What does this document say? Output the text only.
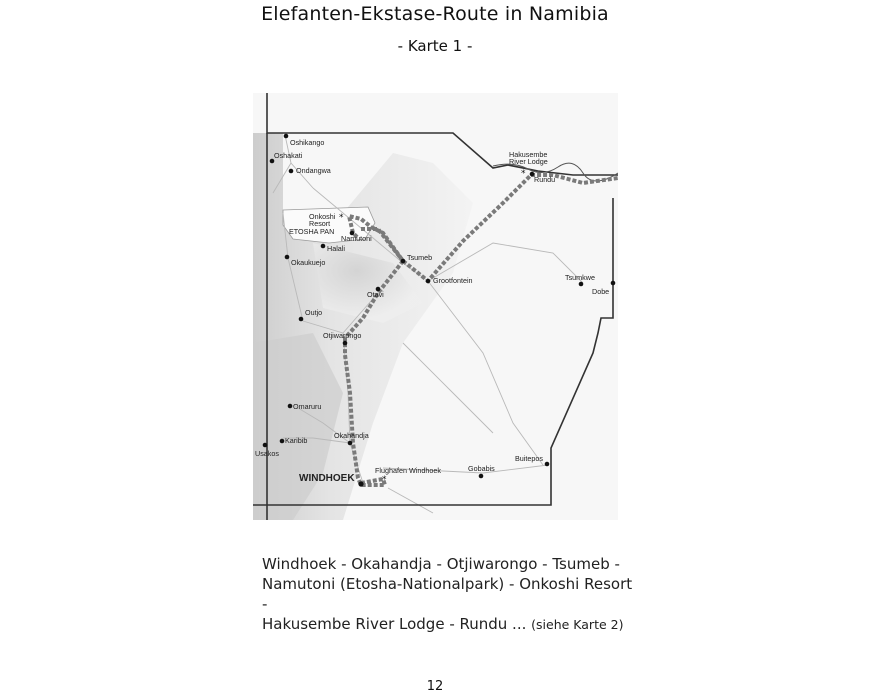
Elefanten-Ekstase-Route in Namibia
- Karte 1 -
Oshikango
Oshakati
Ondangwa
*
Onkoshi
Resort
ETOSHA PAN
Namutoni
Halali
Okaukuejo
Tsumeb
Grootfontein
Otavi
Outjo
Otjiwarongo
Omaruru
Karibib
Usakos
Okahandja
WINDHOEK	*
Flughafen Windhoek	Gobabis
Buitepos
Tsumkwe
Dobe
*
Hakusembe
River Lodge
Rundu
Windhoek - Okahandja - Otjiwarongo - Tsumeb -
Namutoni (Etosha-Nationalpark) - Onkoshi Resort -
Hakusembe River Lodge - Rundu ... (siehe Karte 2)
12
